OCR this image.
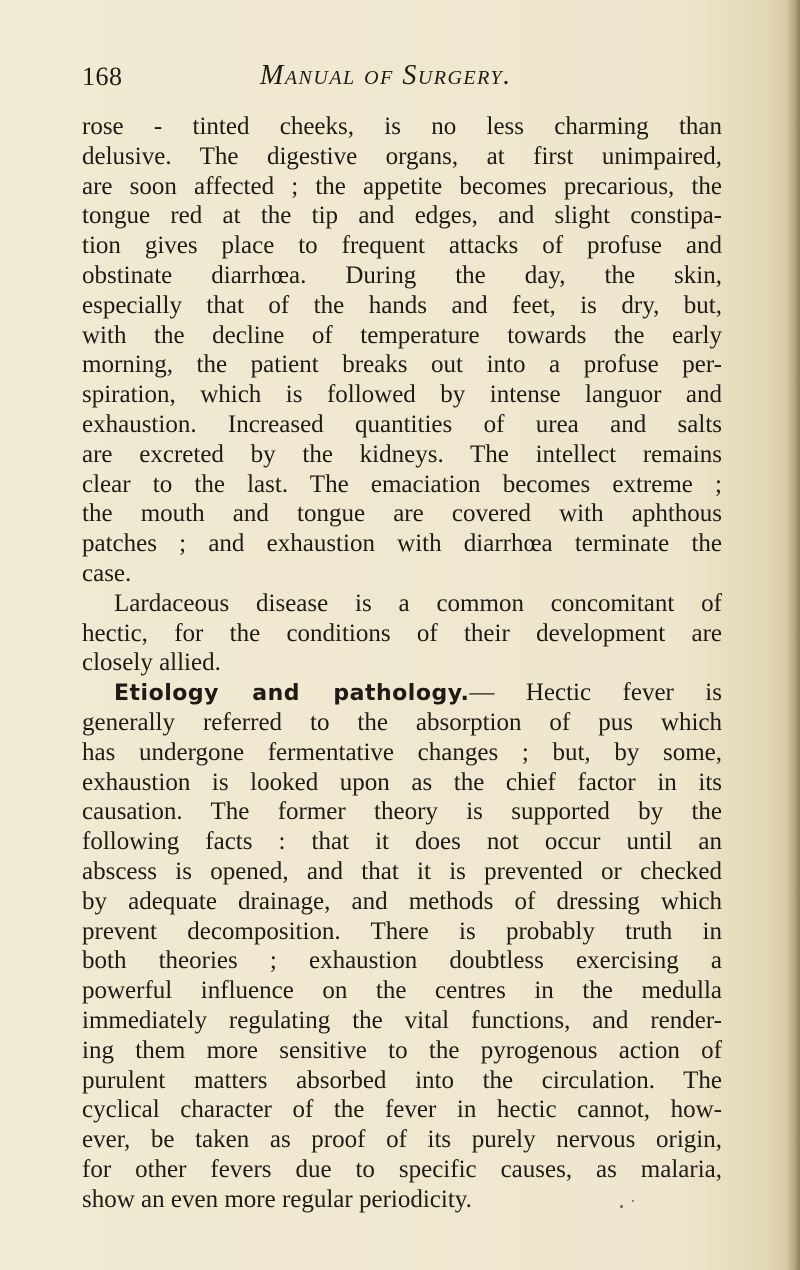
168	Manual of Surgery.
rose - tinted cheeks, is no less charming than
delusive. The digestive organs, at first unimpaired,
are soon affected ; the appetite becomes precarious, the
tongue red at the tip and edges, and slight constipa-
tion gives place to frequent attacks of profuse and
obstinate diarrhœa. During the day, the skin,
especially that of the hands and feet, is dry, but,
with the decline of temperature towards the early
morning, the patient breaks out into a profuse per-
spiration, which is followed by intense languor and
exhaustion. Increased quantities of urea and salts
are excreted by the kidneys. The intellect remains
clear to the last. The emaciation becomes extreme ;
the mouth and tongue are covered with aphthous
patches ; and exhaustion with diarrhœa terminate the
case.
Lardaceous disease is a common concomitant of
hectic, for the conditions of their development are
closely allied.
Etiology and pathology.— Hectic fever is
generally referred to the absorption of pus which
has undergone fermentative changes ; but, by some,
exhaustion is looked upon as the chief factor in its
causation. The former theory is supported by the
following facts : that it does not occur until an
abscess is opened, and that it is prevented or checked
by adequate drainage, and methods of dressing which
prevent decomposition. There is probably truth in
both theories ; exhaustion doubtless exercising a
powerful influence on the centres in the medulla
immediately regulating the vital functions, and render-
ing them more sensitive to the pyrogenous action of
purulent matters absorbed into the circulation. The
cyclical character of the fever in hectic cannot, how-
ever, be taken as proof of its purely nervous origin,
for other fevers due to specific causes, as malaria,
show an even more regular periodicity.
